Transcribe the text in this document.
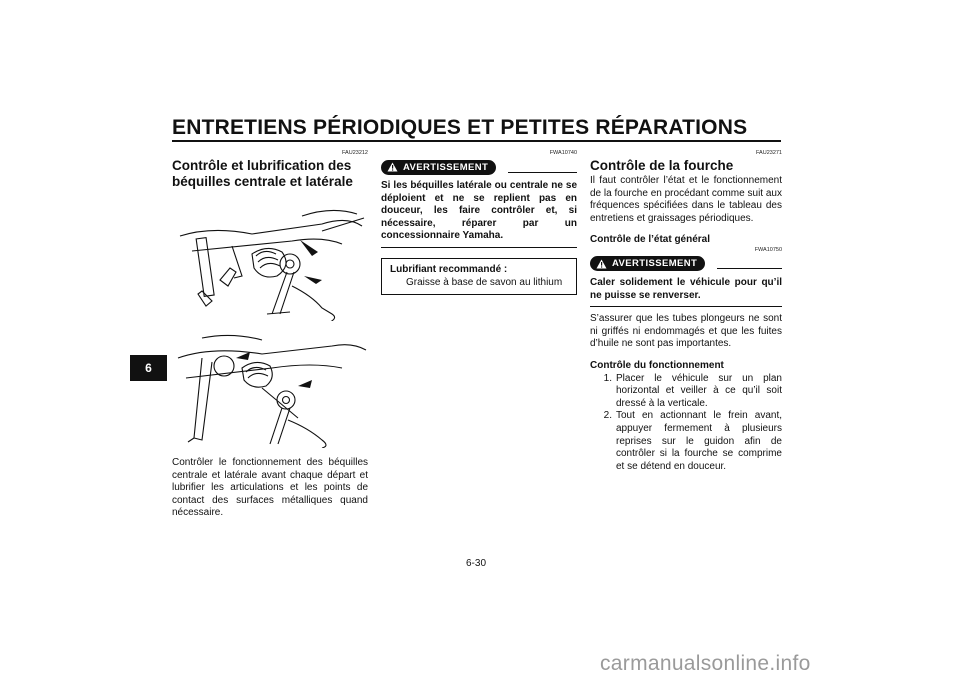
ENTRETIENS PÉRIODIQUES ET PETITES RÉPARATIONS
6
FAU23212
Contrôle et lubrification des béquilles centrale et latérale

Contrôler le fonctionnement des béquilles centrale et latérale avant chaque départ et lubrifier les articulations et les points de contact des surfaces métalliques quand nécessaire.

FWA10740
AVERTISSEMENT

Si les béquilles latérale ou centrale ne se déploient et ne se replient pas en douceur, les faire contrôler et, si nécessaire, réparer par un concessionnaire Yamaha.

Lubrifiant recommandé :
Graisse à base de savon au lithium
FAU23271
Contrôle de la fourche

Il faut contrôler l’état et le fonctionnement de la fourche en procédant comme suit aux fréquences spécifiées dans le tableau des entretiens et graissages périodiques.

Contrôle de l’état général
FWA10750
AVERTISSEMENT

Caler solidement le véhicule pour qu’il ne puisse se renverser.

S’assurer que les tubes plongeurs ne sont ni griffés ni endommagés et que les fuites d’huile ne sont pas importantes.

Contrôle du fonctionnement
1. Placer le véhicule sur un plan horizontal et veiller à ce qu’il soit dressé à la verticale.
2. Tout en actionnant le frein avant, appuyer fermement à plusieurs reprises sur le guidon afin de contrôler si la fourche se comprime et se détend en douceur.
6-30
carmanualsonline.info
